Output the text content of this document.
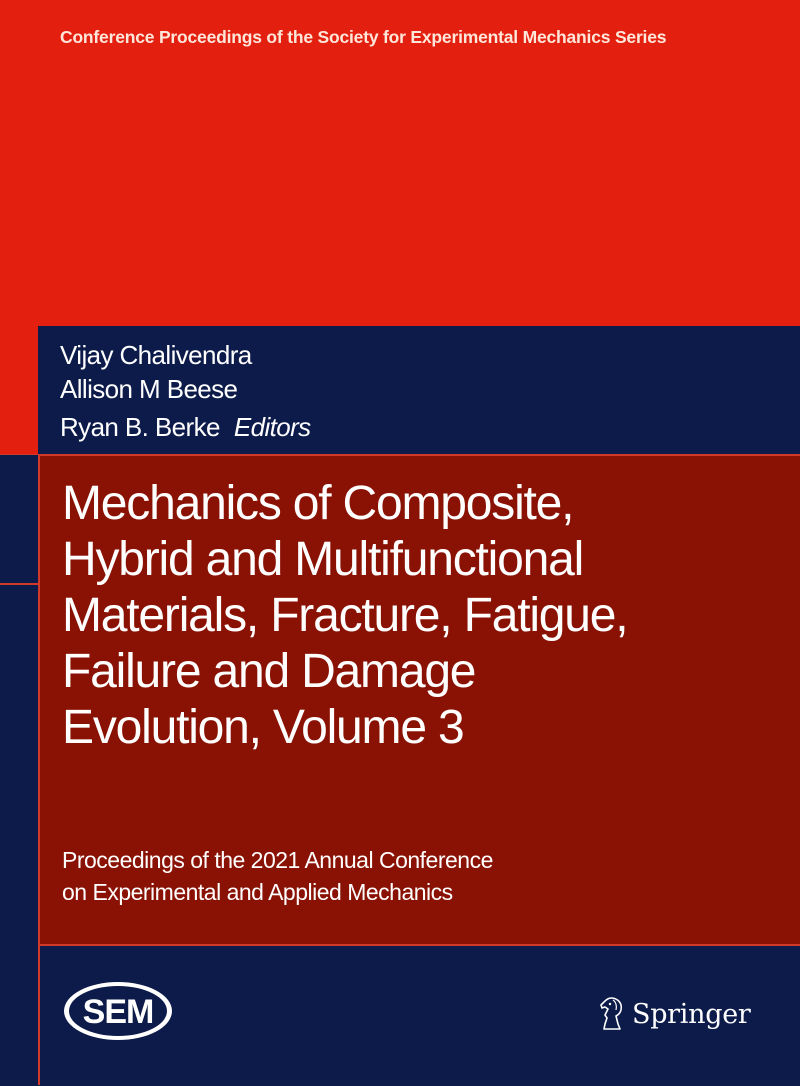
Conference Proceedings of the Society for Experimental Mechanics Series
Vijay Chalivendra
Allison M Beese
Ryan B. Berke Editors
Mechanics of Composite,
Hybrid and Multifunctional
Materials, Fracture, Fatigue,
Failure and Damage
Evolution, Volume 3

Proceedings of the 2021 Annual Conference
on Experimental and Applied Mechanics

SEM	Springer
